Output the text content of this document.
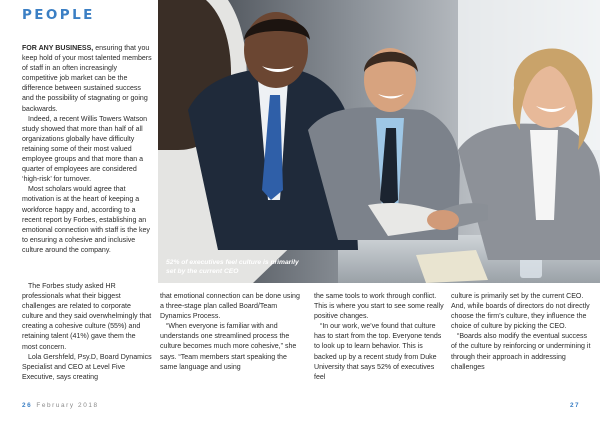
PEOPLE

FOR ANY BUSINESS, ensuring that you keep hold of your most talented members of staff in an often increasingly competitive job market can be the difference between sustained success and the possibility of stagnating or going backwards.

Indeed, a recent Willis Towers Watson study showed that more than half of all organizations globally have difficulty retaining some of their most valued employee groups and that more than a quarter of employees are considered ‘high-risk’ for turnover.

Most scholars would agree that motivation is at the heart of keeping a workforce happy and, according to a recent report by Forbes, establishing an emotional connection with staff is the key to ensuring a cohesive and inclusive culture around the company.

52% of executives feel culture is primarily set by the current CEO

The Forbes study asked HR professionals what their biggest challenges are related to corporate culture and they said overwhelmingly that creating a cohesive culture (55%) and retaining talent (41%) gave them the most concern.

Lola Gershfeld, Psy.D, Board Dynamics Specialist and CEO at Level Five Executive, says creating

that emotional connection can be done using a three-stage plan called Board/Team Dynamics Process.

“When everyone is familiar with and understands one streamlined process the culture becomes much more cohesive,” she says. “Team members start speaking the same language and using

the same tools to work through conflict. This is where you start to see some really positive changes.

“In our work, we’ve found that culture has to start from the top. Everyone tends to look up to learn behavior. This is backed up by a recent study from Duke University that says 52% of executives feel

culture is primarily set by the current CEO. And, while boards of directors do not directly choose the firm’s culture, they influence the choice of culture by picking the CEO.

“Boards also modify the eventual success of the culture by reinforcing or undermining it through their approach in addressing challenges

26 February 2018	27
